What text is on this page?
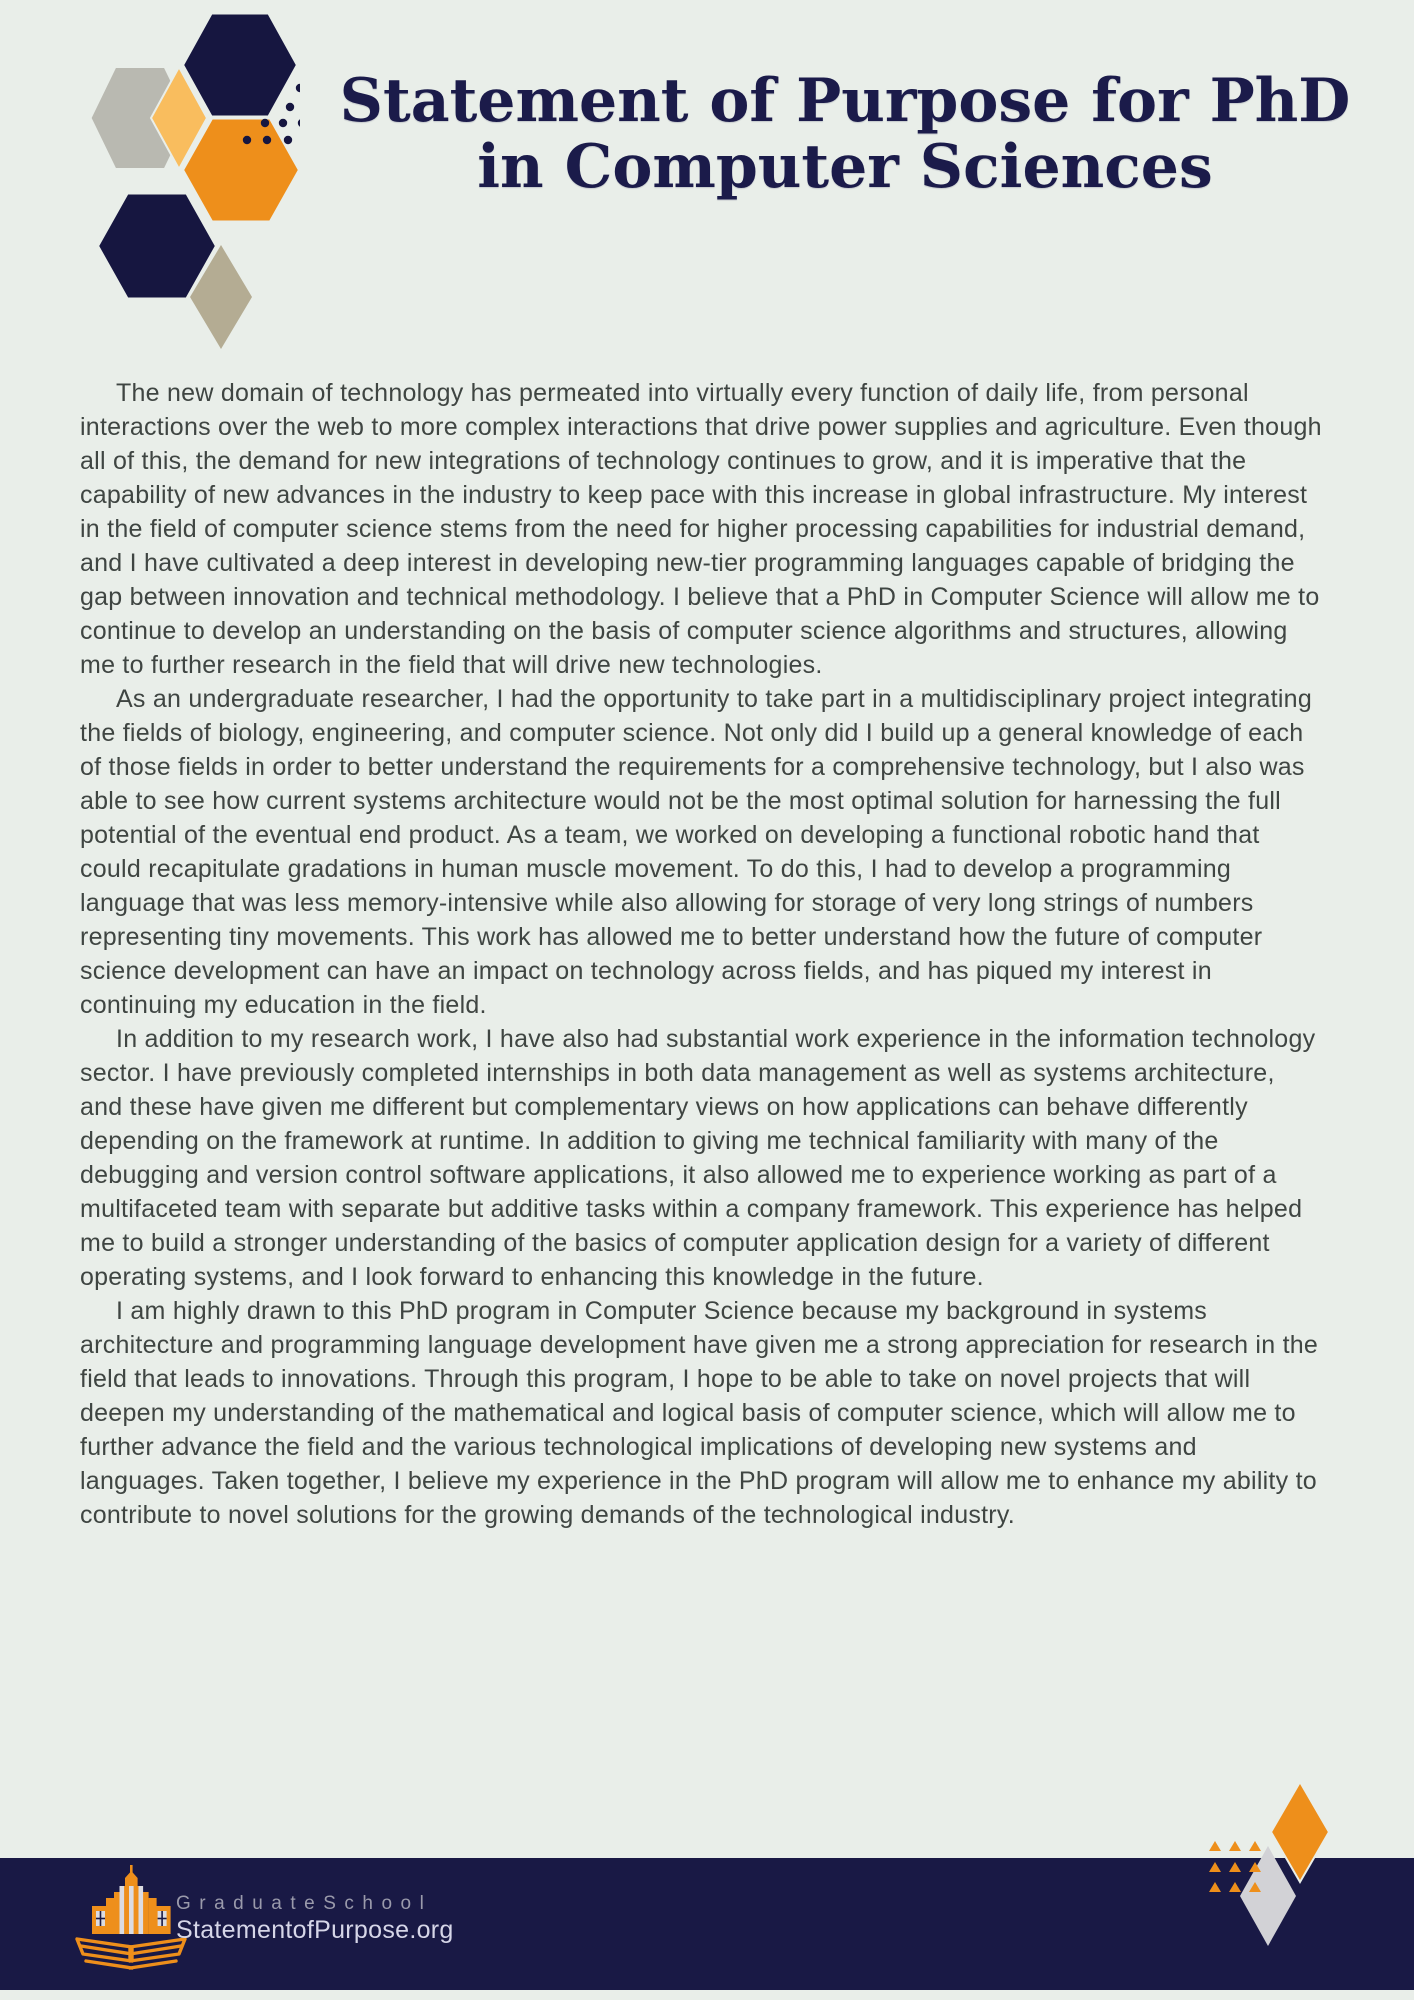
Statement of Purpose for PhD
in Computer Sciences

The new domain of technology has permeated into virtually every function of daily life, from personal interactions over the web to more complex interactions that drive power supplies and agriculture. Even though all of this, the demand for new integrations of technology continues to grow, and it is imperative that the capability of new advances in the industry to keep pace with this increase in global infrastructure. My interest in the field of computer science stems from the need for higher processing capabilities for industrial demand, and I have cultivated a deep interest in developing new-tier programming languages capable of bridging the gap between innovation and technical methodology. I believe that a PhD in Computer Science will allow me to continue to develop an understanding on the basis of computer science algorithms and structures, allowing me to further research in the field that will drive new technologies.

As an undergraduate researcher, I had the opportunity to take part in a multidisciplinary project integrating the fields of biology, engineering, and computer science. Not only did I build up a general knowledge of each of those fields in order to better understand the requirements for a comprehensive technology, but I also was able to see how current systems architecture would not be the most optimal solution for harnessing the full potential of the eventual end product. As a team, we worked on developing a functional robotic hand that could recapitulate gradations in human muscle movement. To do this, I had to develop a programming language that was less memory-intensive while also allowing for storage of very long strings of numbers representing tiny movements. This work has allowed me to better understand how the future of computer science development can have an impact on technology across fields, and has piqued my interest in continuing my education in the field.

In addition to my research work, I have also had substantial work experience in the information technology sector. I have previously completed internships in both data management as well as systems architecture, and these have given me different but complementary views on how applications can behave differently depending on the framework at runtime. In addition to giving me technical familiarity with many of the debugging and version control software applications, it also allowed me to experience working as part of a multifaceted team with separate but additive tasks within a company framework. This experience has helped me to build a stronger understanding of the basics of computer application design for a variety of different operating systems, and I look forward to enhancing this knowledge in the future.

I am highly drawn to this PhD program in Computer Science because my background in systems architecture and programming language development have given me a strong appreciation for research in the field that leads to innovations. Through this program, I hope to be able to take on novel projects that will deepen my understanding of the mathematical and logical basis of computer science, which will allow me to further advance the field and the various technological implications of developing new systems and languages. Taken together, I believe my experience in the PhD program will allow me to enhance my ability to contribute to novel solutions for the growing demands of the technological industry.

GraduateSchool
StatementofPurpose.org
